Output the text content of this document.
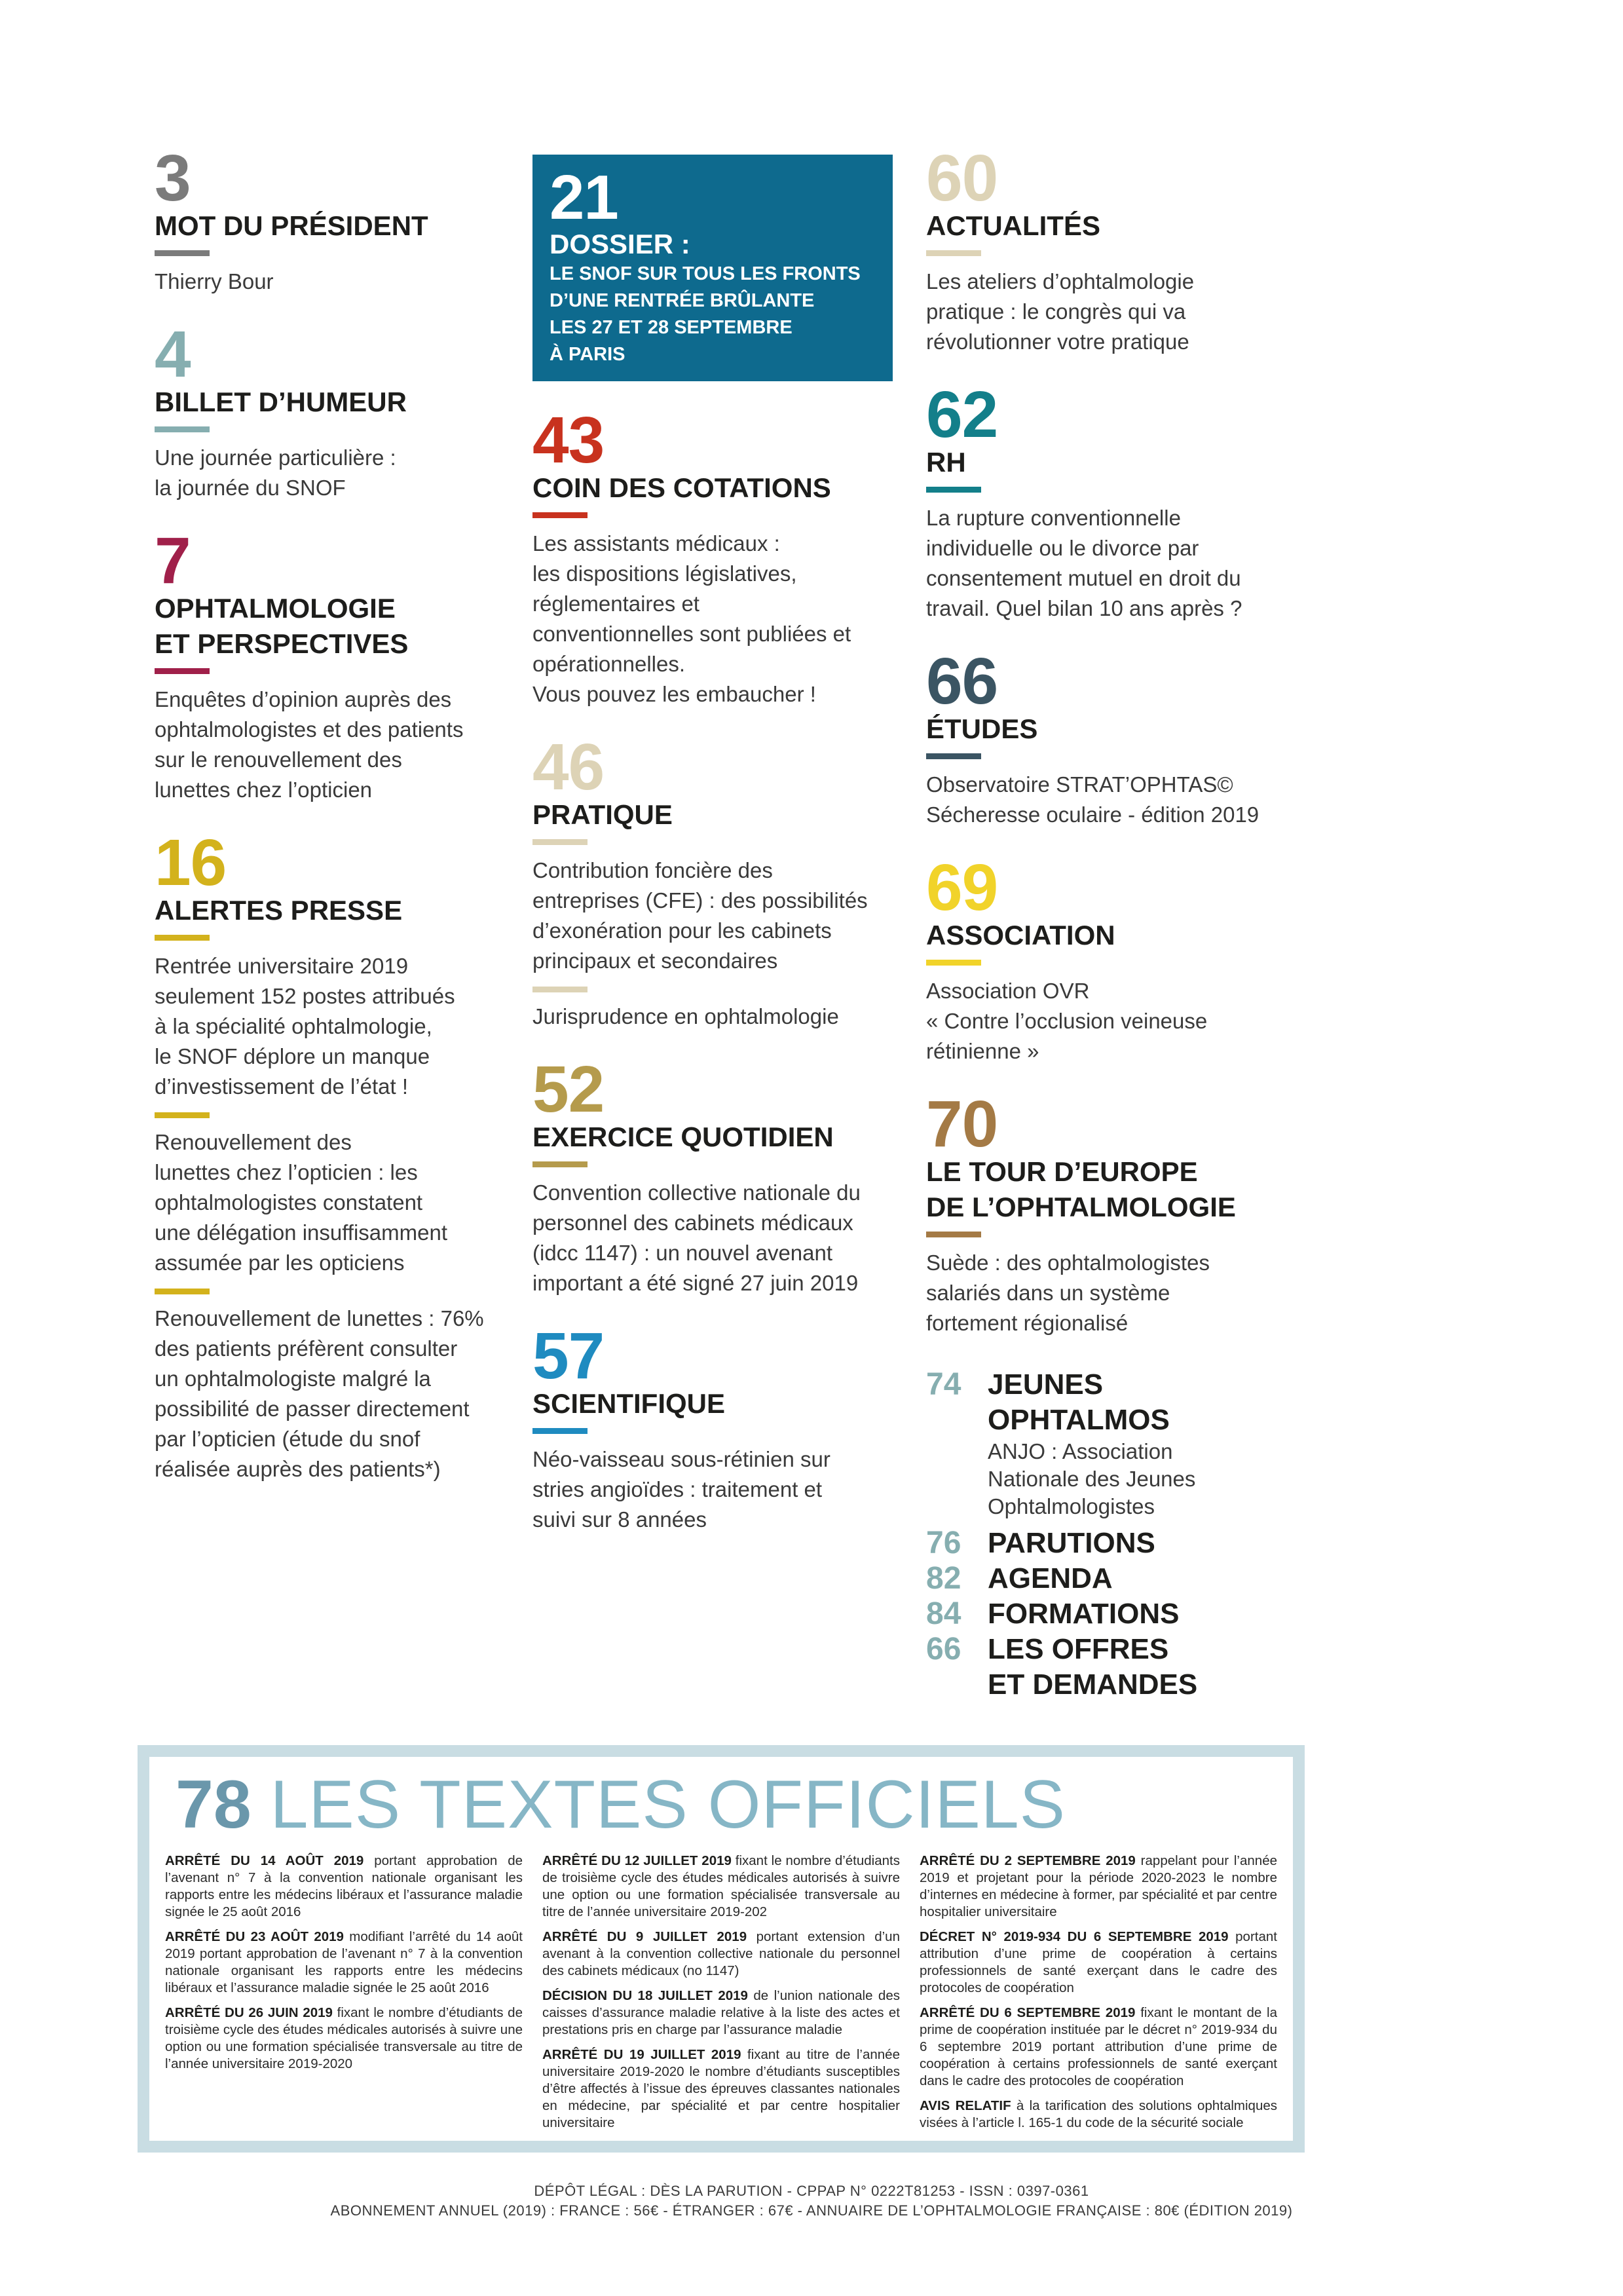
3
MOT DU PRÉSIDENT
Thierry Bour
4
BILLET D’HUMEUR
Une journée particulière :
la journée du SNOF
7
OPHTALMOLOGIE
ET PERSPECTIVES
Enquêtes d’opinion auprès des
ophtalmologistes et des patients
sur le renouvellement des
lunettes chez l’opticien
16
ALERTES PRESSE
Rentrée universitaire 2019
seulement 152 postes attribués
à la spécialité ophtalmologie,
le SNOF déplore un manque
d’investissement de l’état !
Renouvellement des
lunettes chez l’opticien : les
ophtalmologistes constatent
une délégation insuffisamment
assumée par les opticiens
Renouvellement de lunettes : 76%
des patients préfèrent consulter
un ophtalmologiste malgré la
possibilité de passer directement
par l’opticien (étude du snof
réalisée auprès des patients*)
21
DOSSIER :
LE SNOF SUR TOUS LES FRONTS
D’UNE RENTRÉE BRÛLANTE
LES 27 ET 28 SEPTEMBRE
À PARIS
43
COIN DES COTATIONS
Les assistants médicaux :
les dispositions législatives,
réglementaires et
conventionnelles sont publiées et
opérationnelles.
Vous pouvez les embaucher !
46
PRATIQUE
Contribution foncière des
entreprises (CFE) : des possibilités
d’exonération pour les cabinets
principaux et secondaires
Jurisprudence en ophtalmologie
52
EXERCICE QUOTIDIEN
Convention collective nationale du
personnel des cabinets médicaux
(idcc 1147) : un nouvel avenant
important a été signé 27 juin 2019
57
SCIENTIFIQUE
Néo-vaisseau sous-rétinien sur
stries angioïdes : traitement et
suivi sur 8 années
60
ACTUALITÉS
Les ateliers d’ophtalmologie
pratique : le congrès qui va
révolutionner votre pratique
62
RH
La rupture conventionnelle
individuelle ou le divorce par
consentement mutuel en droit du
travail. Quel bilan 10 ans après ?
66
ÉTUDES
Observatoire STRAT’OPHTAS©
Sécheresse oculaire - édition 2019
69
ASSOCIATION
Association OVR
« Contre l’occlusion veineuse
rétinienne »
70
LE TOUR D’EUROPE
DE L’OPHTALMOLOGIE
Suède : des ophtalmologistes
salariés dans un système
fortement régionalisé
74 JEUNES OPHTALMOS
ANJO : Association
Nationale des Jeunes
Ophtalmologistes
76 PARUTIONS
82 AGENDA
84 FORMATIONS
66 LES OFFRES
ET DEMANDES
78 LES TEXTES OFFICIELS

ARRÊTÉ DU 14 AOÛT 2019 portant approbation de l’avenant n° 7 à la convention nationale organisant les rapports entre les médecins libéraux et l’assurance maladie signée le 25 août 2016

ARRÊTÉ DU 23 AOÛT 2019 modifiant l’arrêté du 14 août 2019 portant approbation de l’avenant n° 7 à la convention nationale organisant les rapports entre les médecins libéraux et l’assurance maladie signée le 25 août 2016

ARRÊTÉ DU 26 JUIN 2019 fixant le nombre d’étudiants de troisième cycle des études médicales autorisés à suivre une option ou une formation spécialisée transversale au titre de l’année universitaire 2019-2020

ARRÊTÉ DU 12 JUILLET 2019 fixant le nombre d’étudiants de troisième cycle des études médicales autorisés à suivre une option ou une formation spécialisée transversale au titre de l’année universitaire 2019-202

ARRÊTÉ DU 9 JUILLET 2019 portant extension d’un avenant à la convention collective nationale du personnel des cabinets médicaux (no 1147)

DÉCISION DU 18 JUILLET 2019 de l’union nationale des caisses d’assurance maladie relative à la liste des actes et prestations pris en charge par l’assurance maladie

ARRÊTÉ DU 19 JUILLET 2019 fixant au titre de l’année universitaire 2019-2020 le nombre d’étudiants susceptibles d’être affectés à l’issue des épreuves classantes nationales en médecine, par spécialité et par centre hospitalier universitaire

ARRÊTÉ DU 2 SEPTEMBRE 2019 rappelant pour l’année 2019 et projetant pour la période 2020-2023 le nombre d’internes en médecine à former, par spécialité et par centre hospitalier universitaire

DÉCRET N° 2019-934 DU 6 SEPTEMBRE 2019 portant attribution d’une prime de coopération à certains professionnels de santé exerçant dans le cadre des protocoles de coopération

ARRÊTÉ DU 6 SEPTEMBRE 2019 fixant le montant de la prime de coopération instituée par le décret n° 2019-934 du 6 septembre 2019 portant attribution d’une prime de coopération à certains professionnels de santé exerçant dans le cadre des protocoles de coopération

AVIS RELATIF à la tarification des solutions ophtalmiques visées à l’article l. 165-1 du code de la sécurité sociale

DÉPÔT LÉGAL : DÈS LA PARUTION - CPPAP N° 0222T81253 - ISSN : 0397-0361
ABONNEMENT ANNUEL (2019) : FRANCE : 56€ - ÉTRANGER : 67€ - ANNUAIRE DE L’OPHTALMOLOGIE FRANÇAISE : 80€ (ÉDITION 2019)
